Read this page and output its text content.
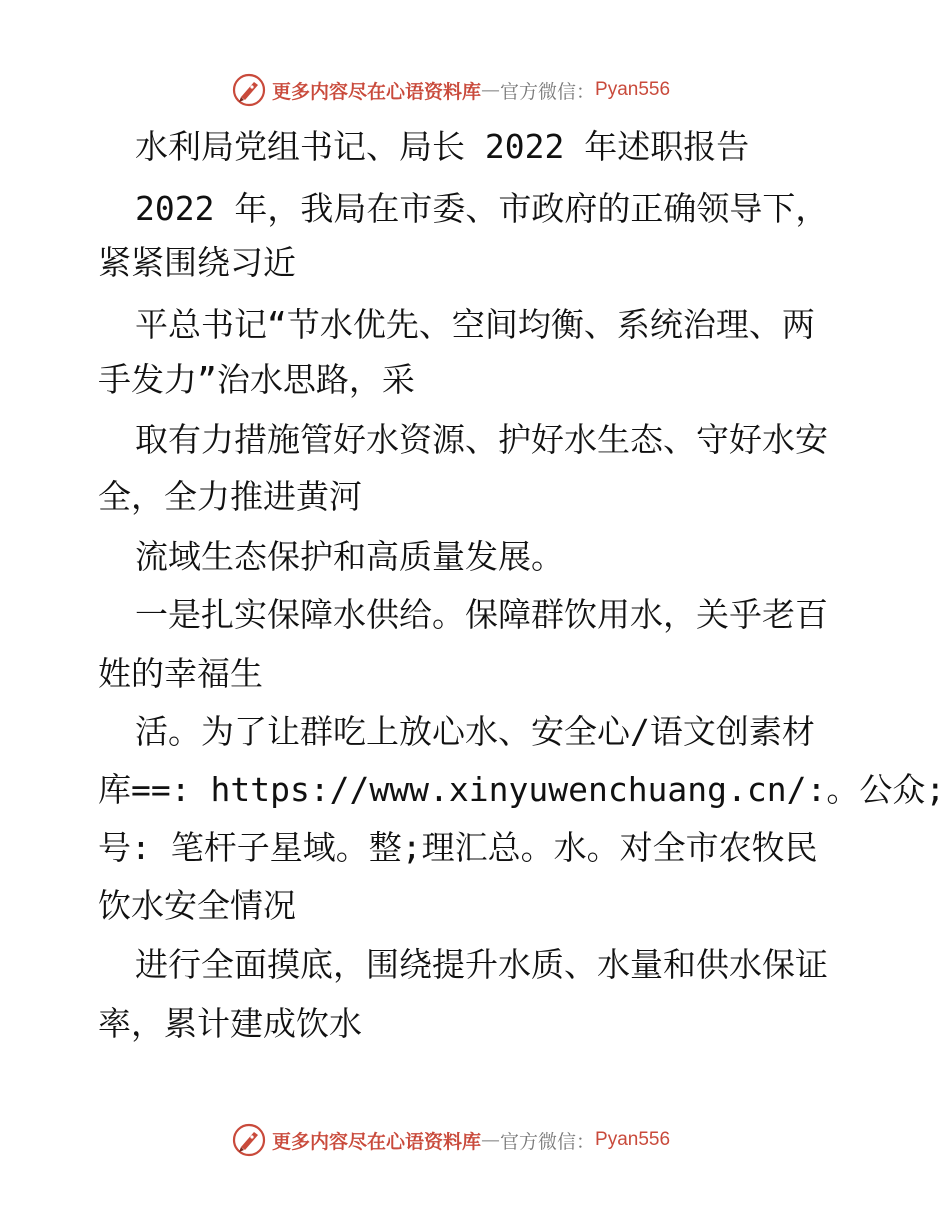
更多内容尽在心语资料库 — 官方微信： Pyan556
水利局党组书记、局长 2022 年述职报告
2022 年，我局在市委、市政府的正确领导下，
紧紧围绕习近
平总书记“节水优先、空间均衡、系统治理、两
手发力”治水思路，采
取有力措施管好水资源、护好水生态、守好水安
全，全力推进黄河
流域生态保护和高质量发展。
一是扎实保障水供给。保障群饮用水，关乎老百
姓的幸福生
活。为了让群吃上放心水、安全心/语文创素材
库==: https://www.xinyuwenchuang.cn/:。公众;
号: 笔杆子星域。整;理汇总。水。对全市农牧民
饮水安全情况
进行全面摸底，围绕提升水质、水量和供水保证
率，累计建成饮水
更多内容尽在心语资料库 — 官方微信： Pyan556
